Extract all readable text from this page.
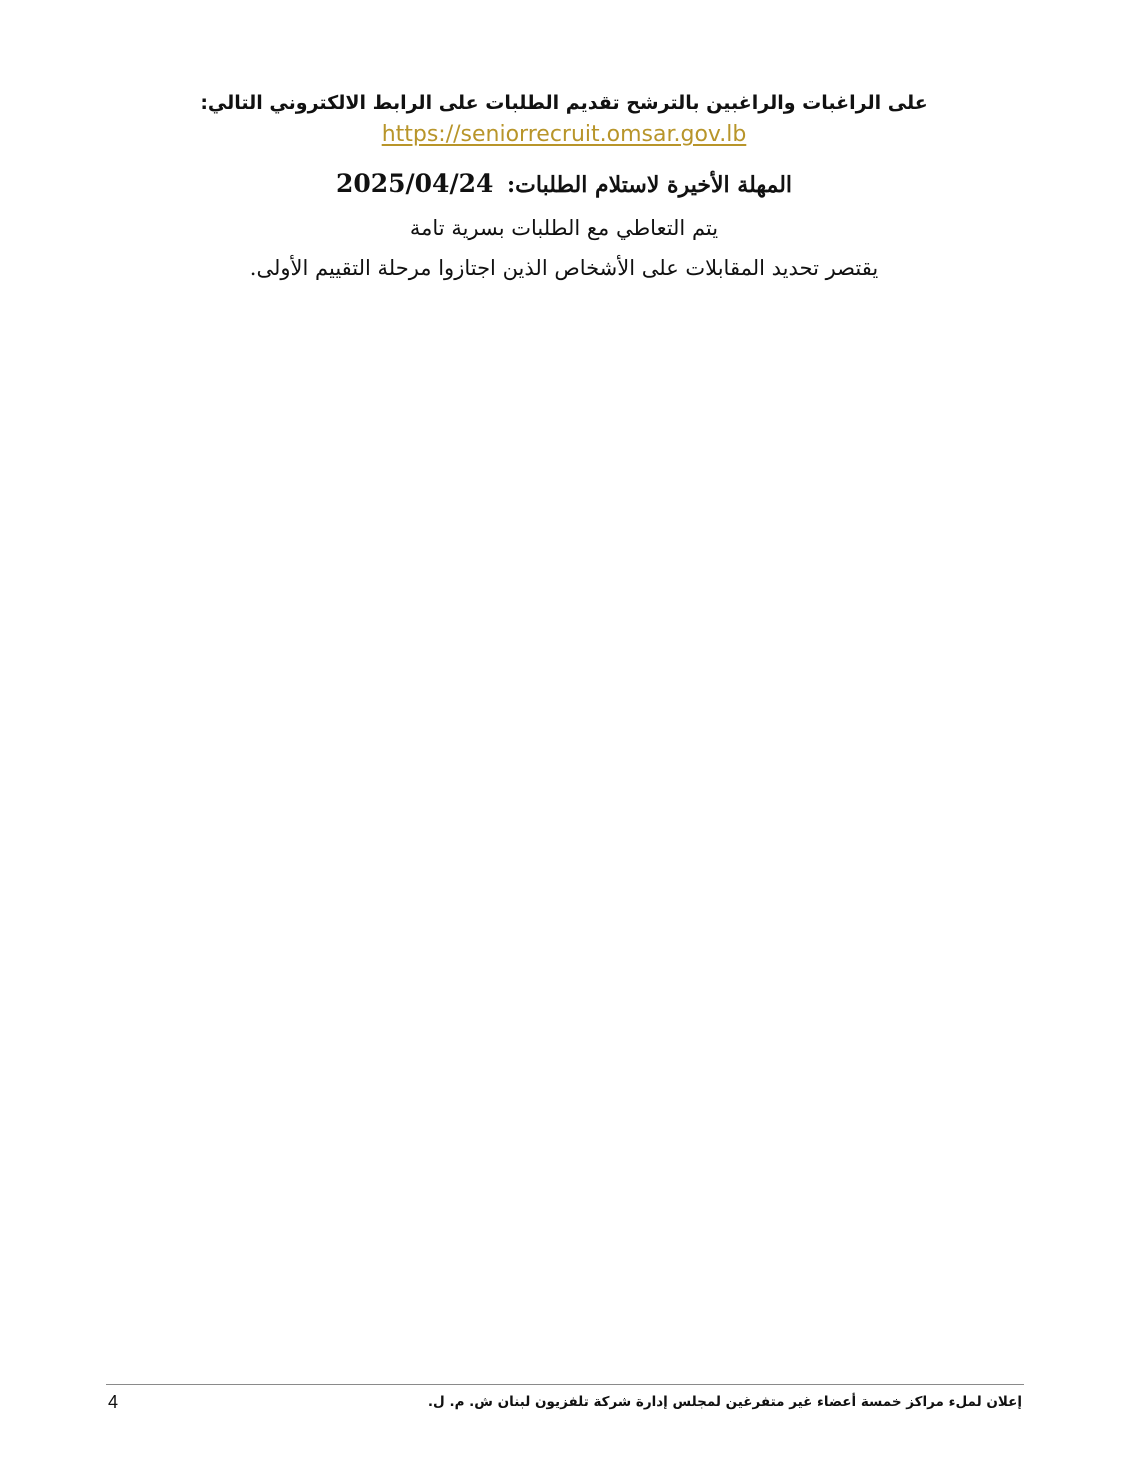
على الراغبات والراغبين بالترشح تقديم الطلبات على الرابط الالكتروني التالي:

https://seniorrecruit.omsar.gov.lb

المهلة الأخيرة لاستلام الطلبات: 2025/04/24

يتم التعاطي مع الطلبات بسرية تامة

يقتصر تحديد المقابلات على الأشخاص الذين اجتازوا مرحلة التقييم الأولى.

إعلان لملء مراكز خمسة أعضاء غير متفرغين لمجلس إدارة شركة تلفزيون لبنان ش. م. ل.
4
